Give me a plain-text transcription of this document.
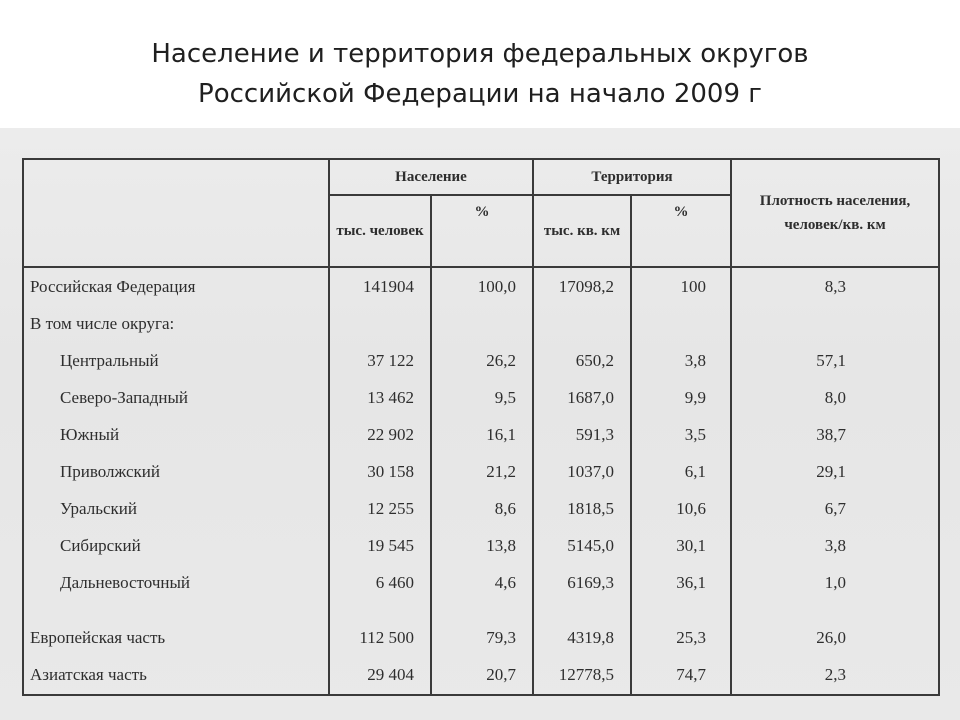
Население и территория федеральных округов
Российской Федерации на начало 2009 г
	Население		Территория		Плотность населения, человек/кв. км
	тыс. человек	%	тыс. кв. км	%	
Российская Федерация	141904	100,0	17098,2	100	8,3
В том числе округа:					
Центральный	37 122	26,2	650,2	3,8	57,1
Северо-Западный	13 462	9,5	1687,0	9,9	8,0
Южный	22 902	16,1	591,3	3,5	38,7
Приволжский	30 158	21,2	1037,0	6,1	29,1
Уральский	12 255	8,6	1818,5	10,6	6,7
Сибирский	19 545	13,8	5145,0	30,1	3,8
Дальневосточный	6 460	4,6	6169,3	36,1	1,0

Европейская часть	112 500	79,3	4319,8	25,3	26,0
Азиатская часть	29 404	20,7	12778,5	74,7	2,3
